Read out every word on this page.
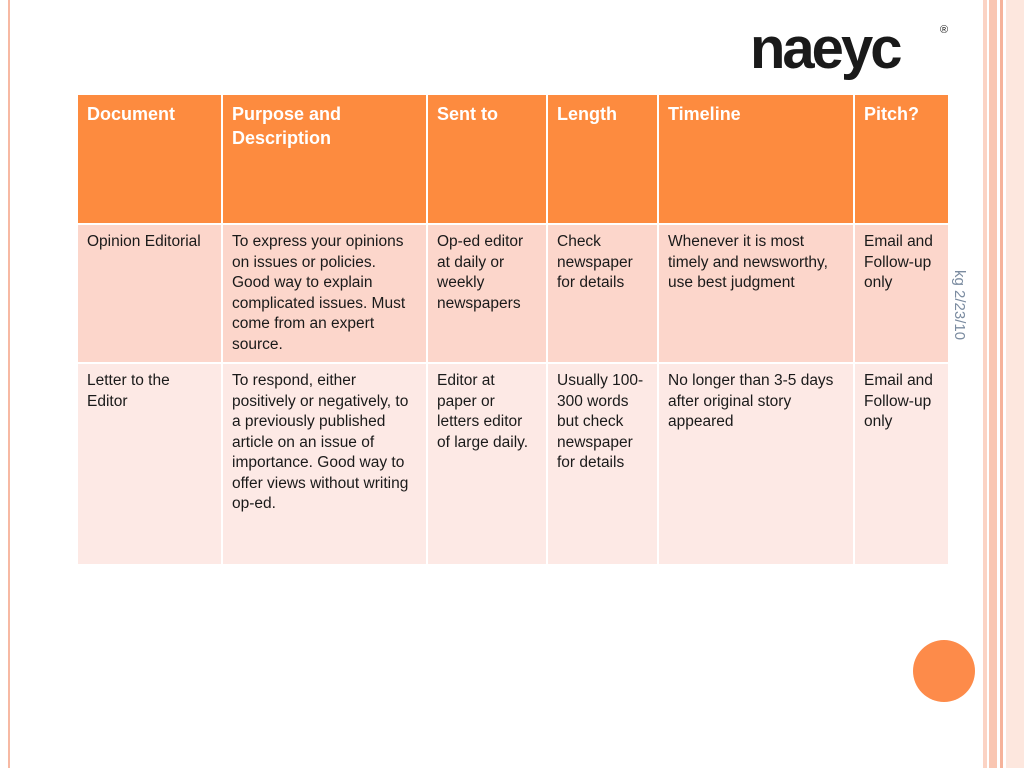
naeyc	®
kg 2/23/10
Document	Purpose and Description	Sent to	Length	Timeline	Pitch?
Opinion Editorial	To express your opinions on issues or policies. Good way to explain complicated issues. Must come from an expert source.	Op-ed editor at daily or weekly newspapers	Check newspaper for details	Whenever it is most timely and newsworthy, use best judgment	Email and Follow-up only
Letter to the Editor	To respond, either positively or negatively, to a previously published article on an issue of importance. Good way to offer views without writing op-ed.	Editor at paper or letters editor of large daily.	Usually 100-300 words but check newspaper for details	No longer than 3-5 days after original story appeared	Email and Follow-up only
